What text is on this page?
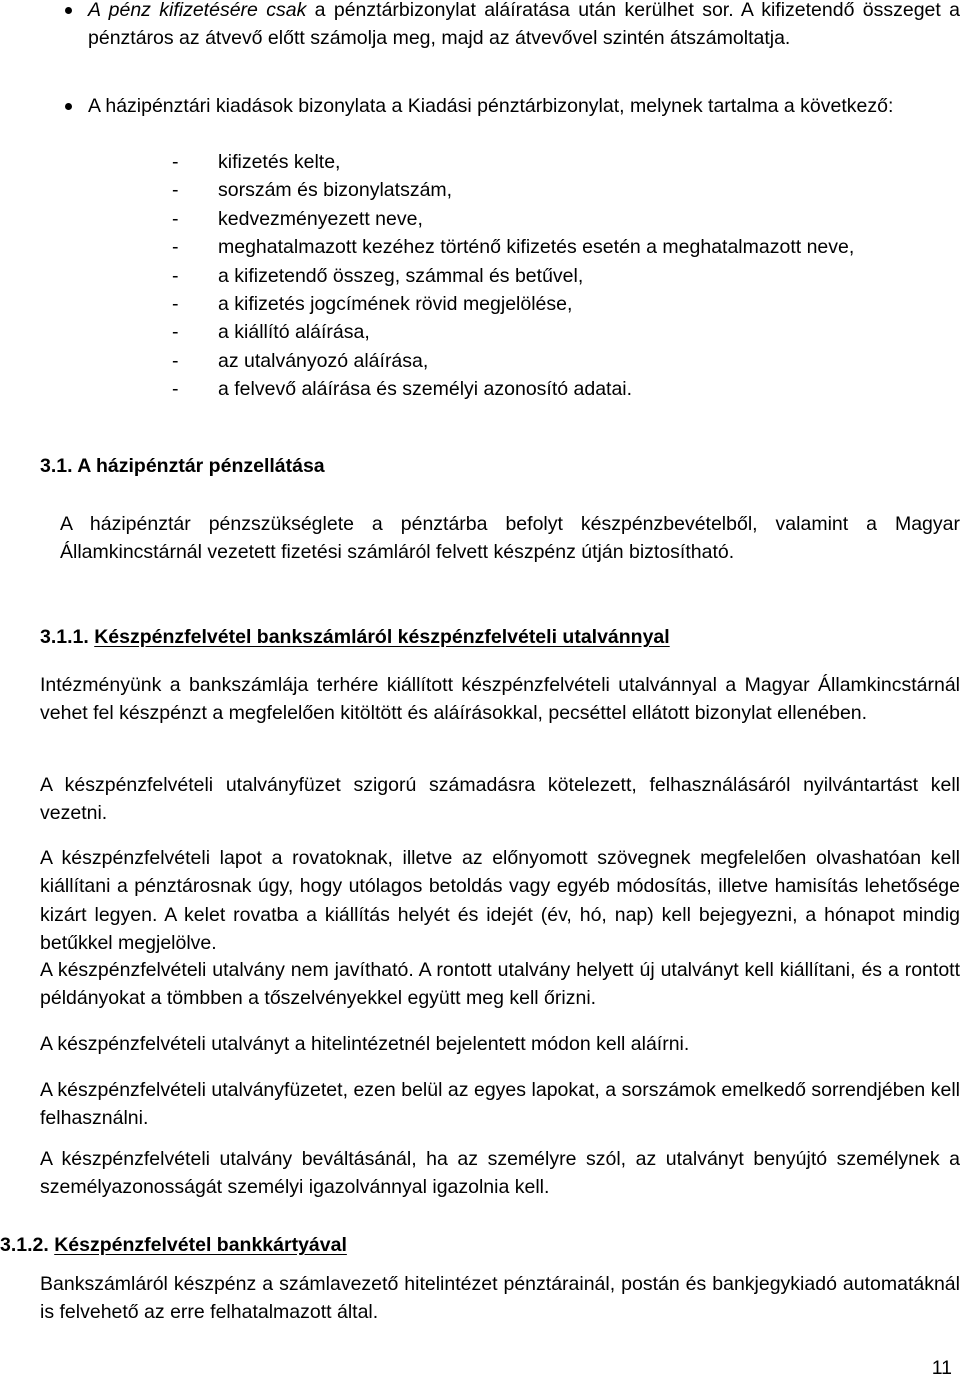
A pénz kifizetésére csak a pénztárbizonylat aláíratása után kerülhet sor. A kifizetendő összeget a pénztáros az átvevő előtt számolja meg, majd az átvevővel szintén átszámoltatja.
A házipénztári kiadások bizonylata a Kiadási pénztárbizonylat, melynek tartalma a következő:
- kifizetés kelte,
- sorszám és bizonylatszám,
- kedvezményezett neve,
- meghatalmazott kezéhez történő kifizetés esetén a meghatalmazott neve,
- a kifizetendő összeg, számmal és betűvel,
- a kifizetés jogcímének rövid megjelölése,
- a kiállító aláírása,
- az utalványozó aláírása,
- a felvevő aláírása és személyi azonosító adatai.
3.1. A házipénztár pénzellátása
A házipénztár pénzszükséglete a pénztárba befolyt készpénzbevételből, valamint a Magyar Államkincstárnál vezetett fizetési számláról felvett készpénz útján biztosítható.
3.1.1. Készpénzfelvétel bankszámláról készpénzfelvételi utalvánnyal
Intézményünk a bankszámlája terhére kiállított készpénzfelvételi utalvánnyal a Magyar Államkincstárnál vehet fel készpénzt a megfelelően kitöltött és aláírásokkal, pecséttel ellátott bizonylat ellenében.
A készpénzfelvételi utalványfüzet szigorú számadásra kötelezett, felhasználásáról nyilvántartást kell vezetni.
A készpénzfelvételi lapot a rovatoknak, illetve az előnyomott szövegnek megfelelően olvashatóan kell kiállítani a pénztárosnak úgy, hogy utólagos betoldás vagy egyéb módosítás, illetve hamisítás lehetősége kizárt legyen. A kelet rovatba a kiállítás helyét és idejét (év, hó, nap) kell bejegyezni, a hónapot mindig betűkkel megjelölve.
A készpénzfelvételi utalvány nem javítható. A rontott utalvány helyett új utalványt kell kiállítani, és a rontott példányokat a tömbben a tőszelvényekkel együtt meg kell őrizni.
A készpénzfelvételi utalványt a hitelintézetnél bejelentett módon kell aláírni.
A készpénzfelvételi utalványfüzetet, ezen belül az egyes lapokat, a sorszámok emelkedő sorrendjében kell felhasználni.
A készpénzfelvételi utalvány beváltásánál, ha az személyre szól, az utalványt benyújtó személynek a személyazonosságát személyi igazolvánnyal igazolnia kell.
3.1.2. Készpénzfelvétel bankkártyával
Bankszámláról készpénz a számlavezető hitelintézet pénztárainál, postán és bankjegykiadó automatáknál is felvehető az erre felhatalmazott által.
11
